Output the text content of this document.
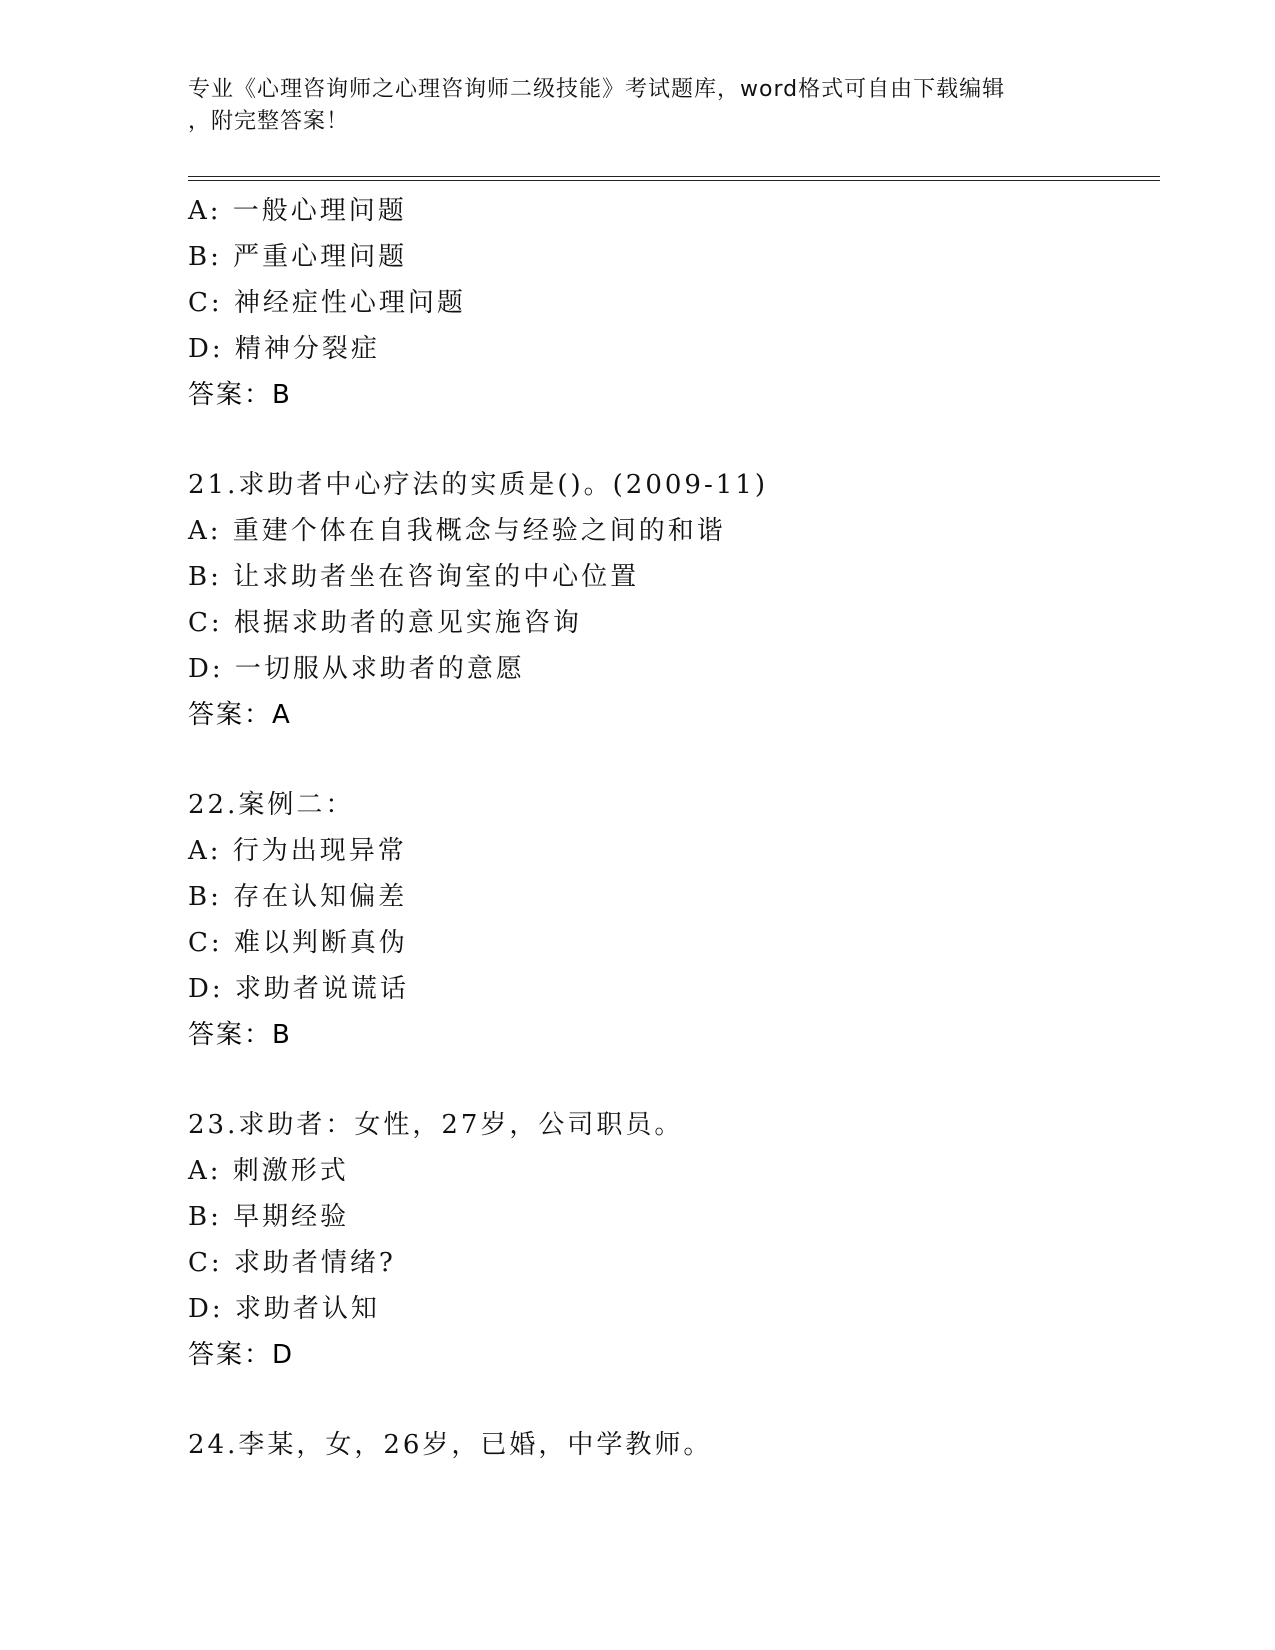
专业《心理咨询师之心理咨询师二级技能》考试题库，word格式可自由下载编辑
，附完整答案！
A: 一般心理问题
B: 严重心理问题
C: 神经症性心理问题
D: 精神分裂症
答案：B
21.求助者中心疗法的实质是()。(2009-11)
A: 重建个体在自我概念与经验之间的和谐
B: 让求助者坐在咨询室的中心位置
C: 根据求助者的意见实施咨询
D: 一切服从求助者的意愿
答案：A
22.案例二：
A: 行为出现异常
B: 存在认知偏差
C: 难以判断真伪
D: 求助者说谎话
答案：B
23.求助者：女性，27岁，公司职员。
A: 刺激形式
B: 早期经验
C: 求助者情绪?
D: 求助者认知
答案：D
24.李某，女，26岁，已婚，中学教师。
